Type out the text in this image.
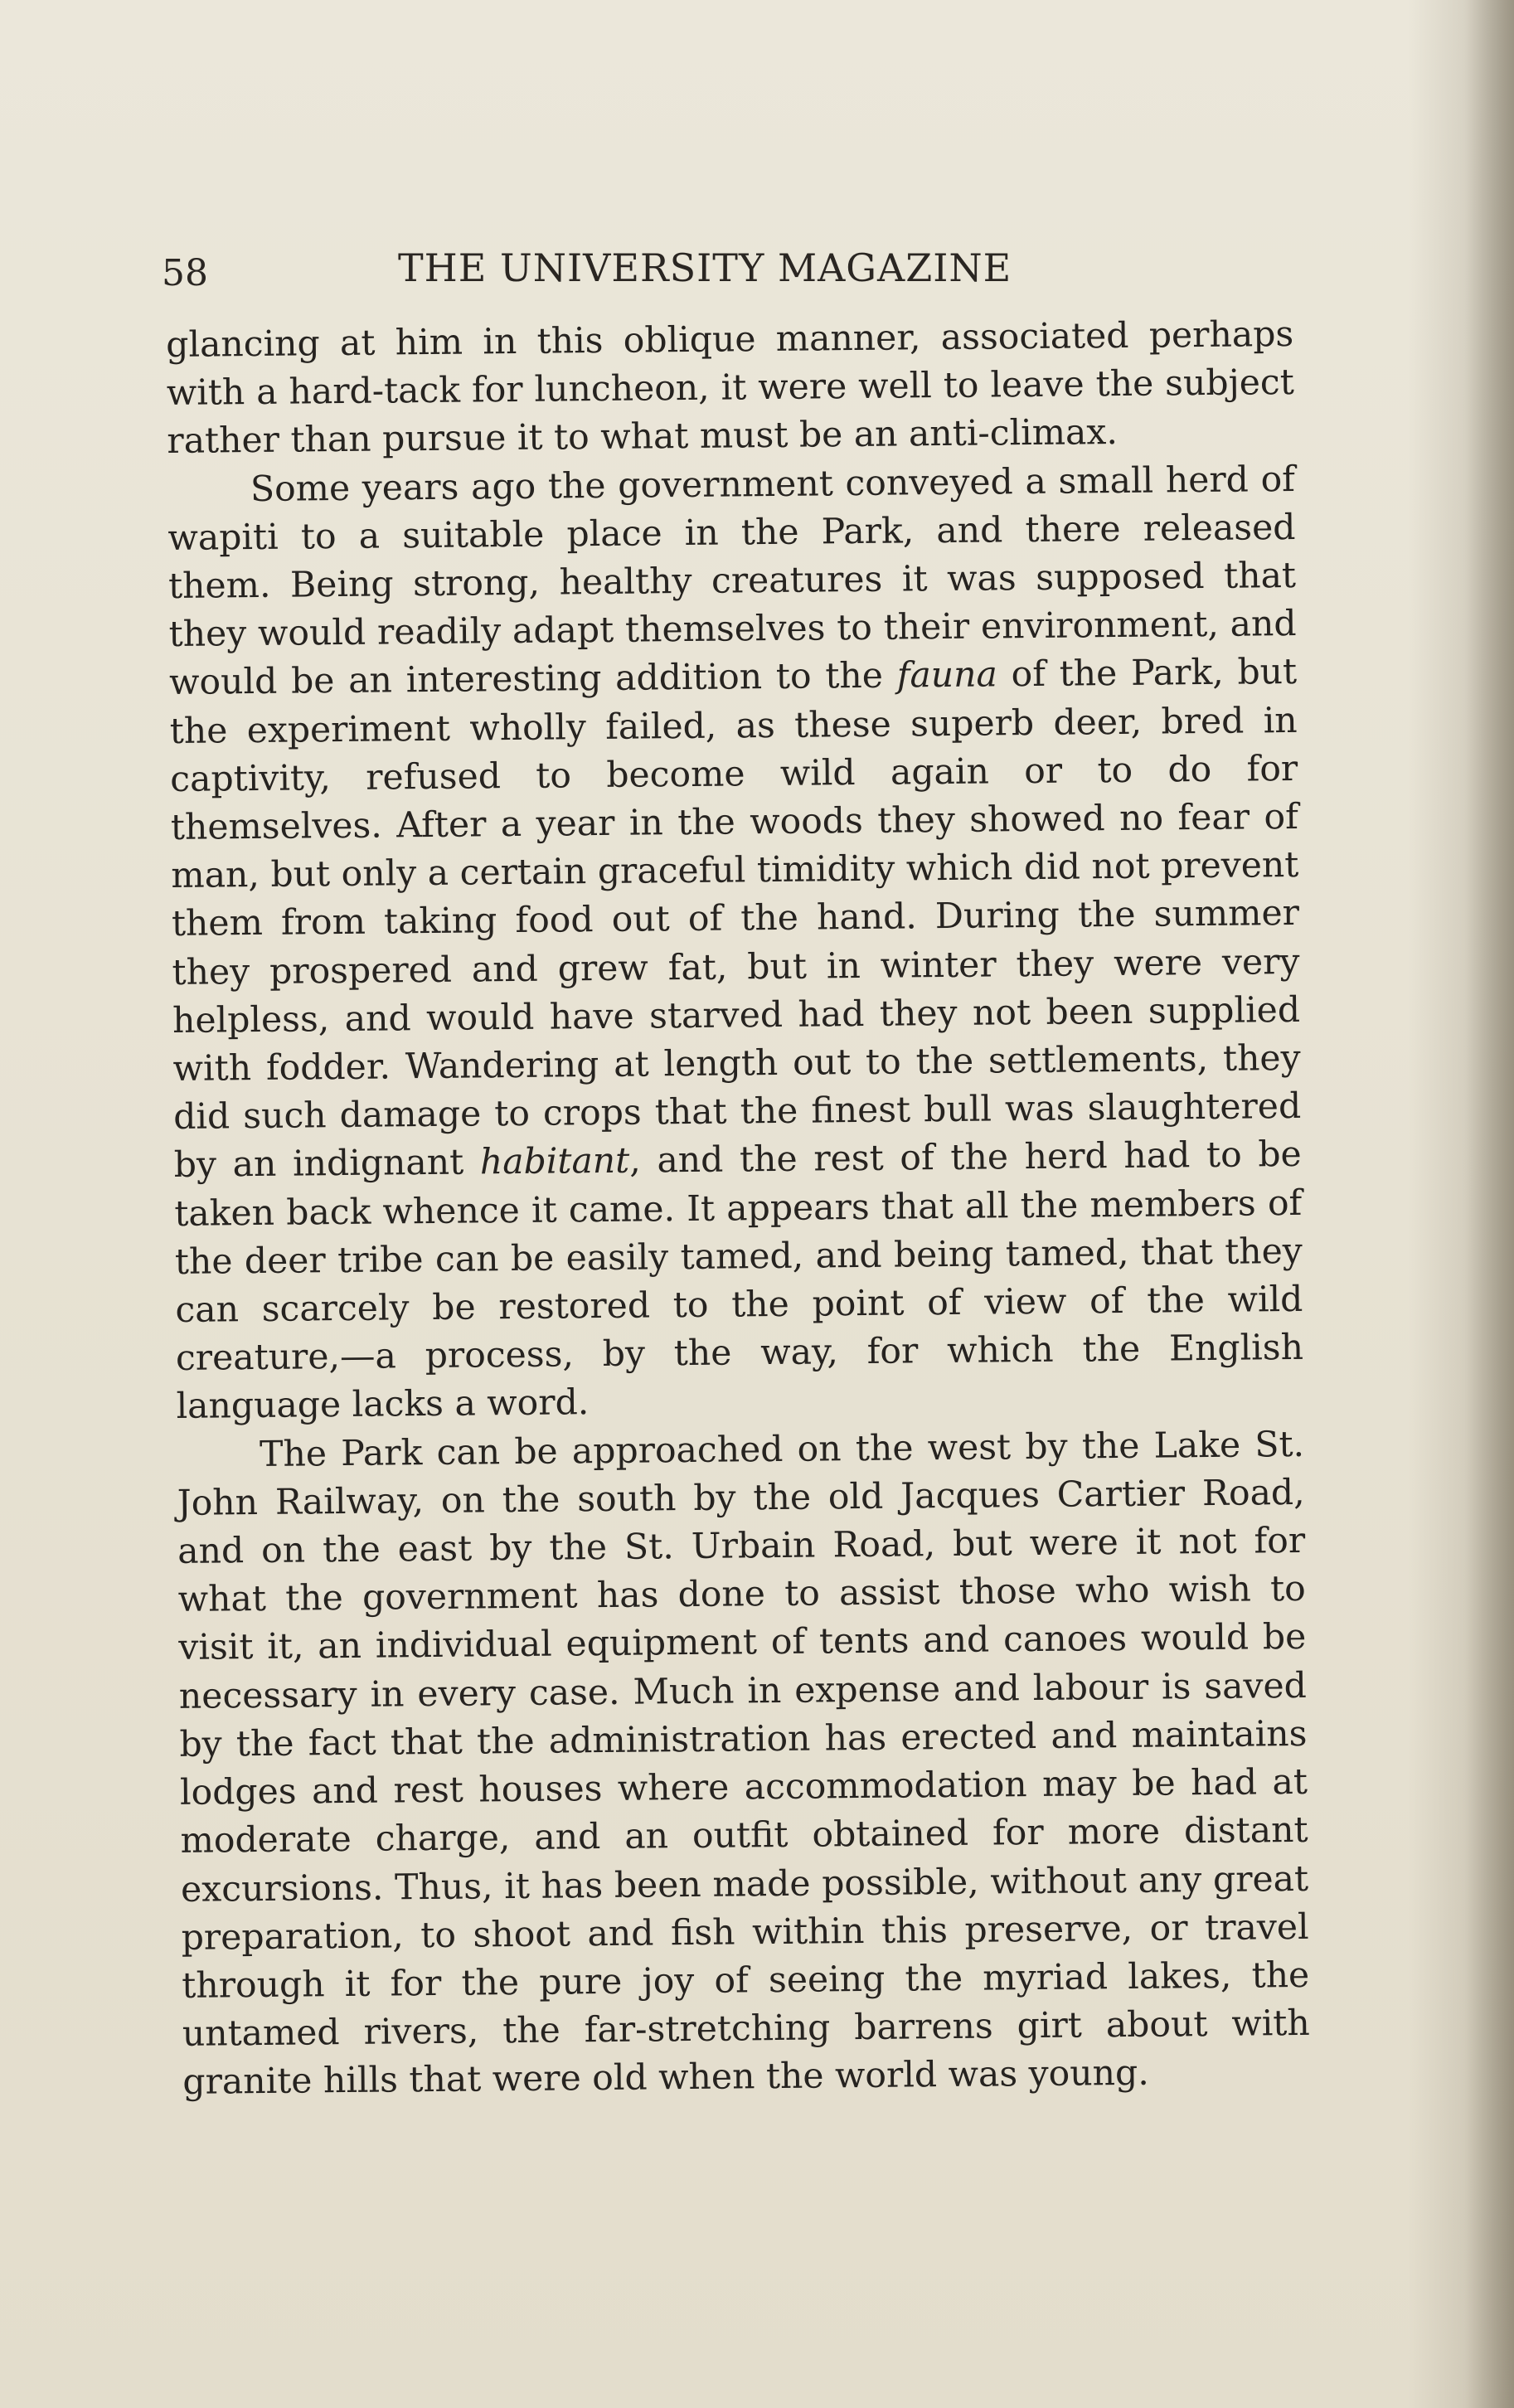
58	THE UNIVERSITY MAGAZINE

glancing at him in this oblique manner, associated perhaps with a hard-tack for luncheon, it were well to leave the subject rather than pursue it to what must be an anti-climax.

Some years ago the government conveyed a small herd of wapiti to a suitable place in the Park, and there released them. Being strong, healthy creatures it was supposed that they would readily adapt themselves to their environment, and would be an interesting addition to the fauna of the Park, but the experiment wholly failed, as these superb deer, bred in captivity, refused to become wild again or to do for themselves. After a year in the woods they showed no fear of man, but only a certain graceful timidity which did not prevent them from taking food out of the hand. During the summer they prospered and grew fat, but in winter they were very helpless, and would have starved had they not been supplied with fodder. Wandering at length out to the settlements, they did such damage to crops that the finest bull was slaughtered by an indignant habitant, and the rest of the herd had to be taken back whence it came. It appears that all the members of the deer tribe can be easily tamed, and being tamed, that they can scarcely be restored to the point of view of the wild creature,—a process, by the way, for which the English language lacks a word.

The Park can be approached on the west by the Lake St. John Railway, on the south by the old Jacques Cartier Road, and on the east by the St. Urbain Road, but were it not for what the government has done to assist those who wish to visit it, an individual equipment of tents and canoes would be necessary in every case. Much in expense and labour is saved by the fact that the administration has erected and maintains lodges and rest houses where accommodation may be had at moderate charge, and an outfit obtained for more distant excursions. Thus, it has been made possible, without any great preparation, to shoot and fish within this preserve, or travel through it for the pure joy of seeing the myriad lakes, the untamed rivers, the far-stretching barrens girt about with granite hills that were old when the world was young.
